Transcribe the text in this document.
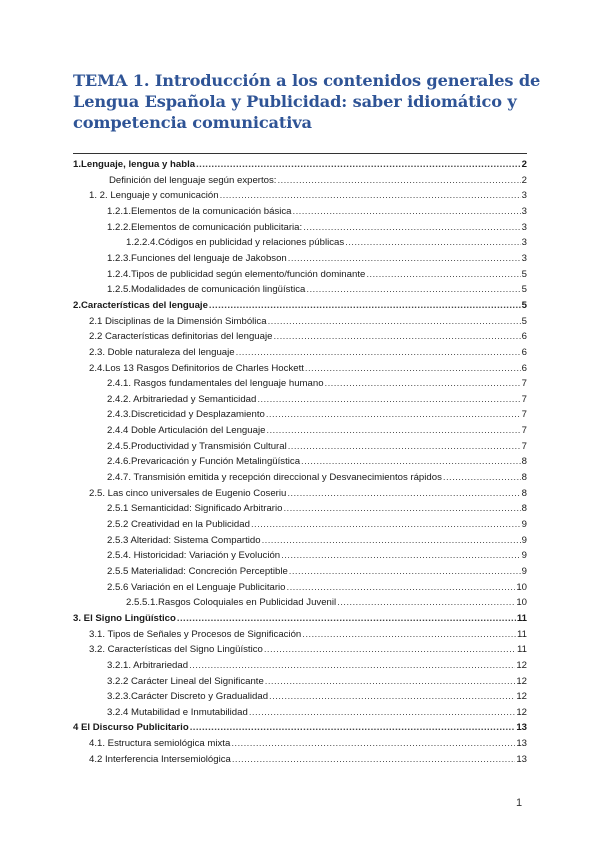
TEMA 1. Introducción a los contenidos generales de Lengua Española y Publicidad: saber idiomático y competencia comunicativa
1.Lenguaje, lengua y habla .....	2
Definición del lenguaje según expertos: .....	2
1. 2. Lenguaje y comunicación .....	3
1.2.1.Elementos de la comunicación básica .....	3
1.2.2.Elementos de comunicación publicitaria: .....	3
1.2.2.4.Códigos en publicidad y relaciones públicas .....	3
1.2.3.Funciones del lenguaje de Jakobson .....	3
1.2.4.Tipos de publicidad según elemento/función dominante .....	5
1.2.5.Modalidades de comunicación lingüística .....	5
2.Características del lenguaje .....	5
2.1 Disciplinas de la Dimensión Simbólica .....	5
2.2 Características definitorias del lenguaje .....	6
2.3. Doble naturaleza del lenguaje .....	6
2.4.Los 13 Rasgos Definitorios de Charles Hockett .....	6
2.4.1. Rasgos fundamentales del lenguaje humano .....	7
2.4.2. Arbitrariedad y Semanticidad .....	7
2.4.3.Discreticidad y Desplazamiento .....	7
2.4.4 Doble Articulación del Lenguaje .....	7
2.4.5.Productividad y Transmisión Cultural .....	7
2.4.6.Prevaricación y Función Metalingüística .....	8
2.4.7. Transmisión emitida y recepción direccional y Desvanecimientos rápidos .....	8
2.5. Las cinco universales de Eugenio Coseriu .....	8
2.5.1 Semanticidad: Significado Arbitrario .....	8
2.5.2 Creatividad en la Publicidad .....	9
2.5.3 Alteridad: Sistema Compartido .....	9
2.5.4. Historicidad: Variación y Evolución .....	9
2.5.5 Materialidad: Concreción Perceptible .....	9
2.5.6 Variación en el Lenguaje Publicitario .....	10
2.5.5.1.Rasgos Coloquiales en Publicidad Juvenil .....	10
3. El Signo Lingüístico .....	11
3.1. Tipos de Señales y Procesos de Significación .....	11
3.2. Características del Signo Lingüístico .....	11
3.2.1. Arbitrariedad .....	12
3.2.2 Carácter Lineal del Significante .....	12
3.2.3.Carácter Discreto y Gradualidad .....	12
3.2.4 Mutabilidad e Inmutabilidad .....	12
4 El Discurso Publicitario .....	13
4.1. Estructura semiológica mixta .....	13
4.2 Interferencia Intersemiológica .....	13
1
